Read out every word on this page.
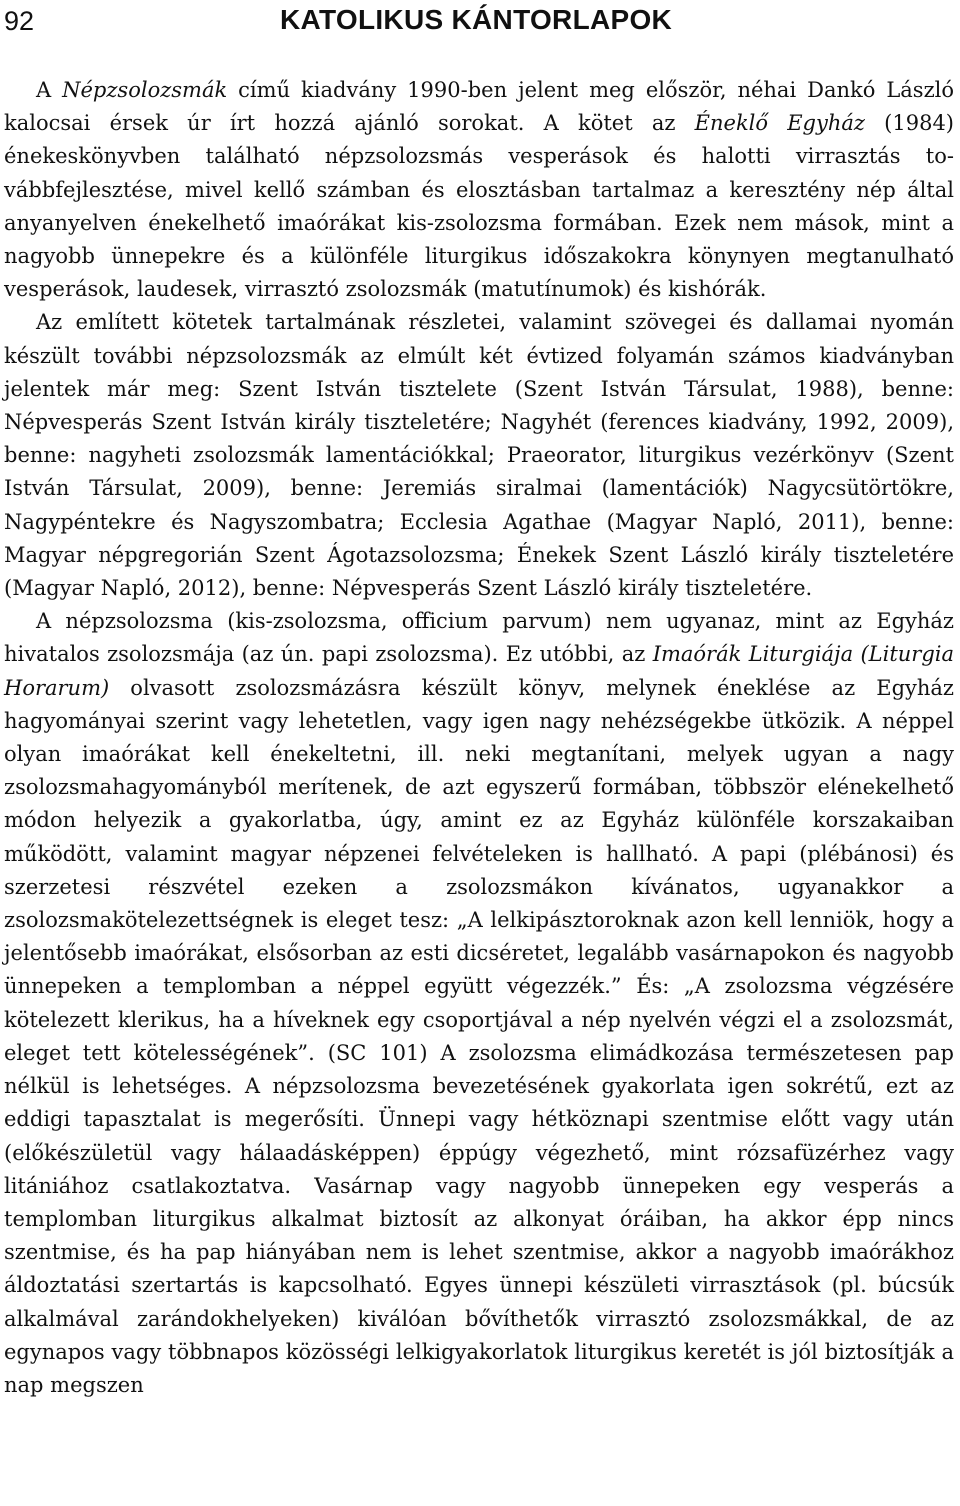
92	KATOLIKUS KÁNTORLAPOK

A Népzsolozsmák című kiadvány 1990-ben jelent meg először, néhai Dankó László kalocsai érsek úr írt hozzá ajánló sorokat. A kötet az Éneklő Egyház (1984) énekeskönyvben található népzsolozsmás vesperások és halotti virrasztás továbbfejlesztése, mivel kellő számban és elosztásban tartalmaz a keresztény nép által anyanyelven énekelhető imaórákat kis-zsolozsma formában. Ezek nem mások, mint a nagyobb ünnepekre és a különféle liturgikus időszakokra könynyen megtanulható vesperások, laudesek, virrasztó zsolozsmák (matutínumok) és kishórák.

Az említett kötetek tartalmának részletei, valamint szövegei és dallamai nyomán készült további népzsolozsmák az elmúlt két évtized folyamán számos kiadványban jelentek már meg: Szent István tisztelete (Szent István Társulat, 1988), benne: Népvesperás Szent István király tiszteletére; Nagyhét (ferences kiadvány, 1992, 2009), benne: nagyheti zsolozsmák lamentációkkal; Praeorator, liturgikus vezérkönyv (Szent István Társulat, 2009), benne: Jeremiás siralmai (lamentációk) Nagycsütörtökre, Nagypéntekre és Nagyszombatra; Ecclesia Agathae (Magyar Napló, 2011), benne: Magyar népgregorián Szent Ágotazsolozsma; Énekek Szent László király tiszteletére (Magyar Napló, 2012), benne: Népvesperás Szent László király tiszteletére.

A népzsolozsma (kis-zsolozsma, officium parvum) nem ugyanaz, mint az Egyház hivatalos zsolozsmája (az ún. papi zsolozsma). Ez utóbbi, az Imaórák Liturgiája (Liturgia Horarum) olvasott zsolozsmázásra készült könyv, melynek éneklése az Egyház hagyományai szerint vagy lehetetlen, vagy igen nagy nehézségekbe ütközik. A néppel olyan imaórákat kell énekeltetni, ill. neki megtanítani, melyek ugyan a nagy zsolozsmahagyományból merítenek, de azt egyszerű formában, többször elénekelhető módon helyezik a gyakorlatba, úgy, amint ez az Egyház különféle korszakaiban működött, valamint magyar népzenei felvételeken is hallható. A papi (plébánosi) és szerzetesi részvétel ezeken a zsolozsmákon kívánatos, ugyanakkor a zsolozsmakötelezettségnek is eleget tesz: „A lelkipásztoroknak azon kell lenniök, hogy a jelentősebb imaórákat, elsősorban az esti dicséretet, legalább vasárnapokon és nagyobb ünnepeken a templomban a néppel együtt végezzék.” És: „A zsolozsma végzésére kötelezett klerikus, ha a híveknek egy csoportjával a nép nyelvén végzi el a zsolozsmát, eleget tett kötelességének”. (SC 101) A zsolozsma elimádkozása természetesen pap nélkül is lehetséges. A népzsolozsma bevezetésének gyakorlata igen sokrétű, ezt az eddigi tapasztalat is megerősíti. Ünnepi vagy hétköznapi szentmise előtt vagy után (előkészületül vagy hálaadásképpen) éppúgy végezhető, mint rózsafüzérhez vagy litániához csatlakoztatva. Vasárnap vagy nagyobb ünnepeken egy vesperás a templomban liturgikus alkalmat biztosít az alkonyat óráiban, ha akkor épp nincs szentmise, és ha pap hiányában nem is lehet szentmise, akkor a nagyobb imaórákhoz áldoztatási szertartás is kapcsolható. Egyes ünnepi készületi virrasztások (pl. búcsúk alkalmával zarándokhelyeken) kiválóan bővíthetők virrasztó zsolozsmákkal, de az egynapos vagy többnapos közösségi lelkigyakorlatok liturgikus keretét is jól biztosítják a nap megszen
